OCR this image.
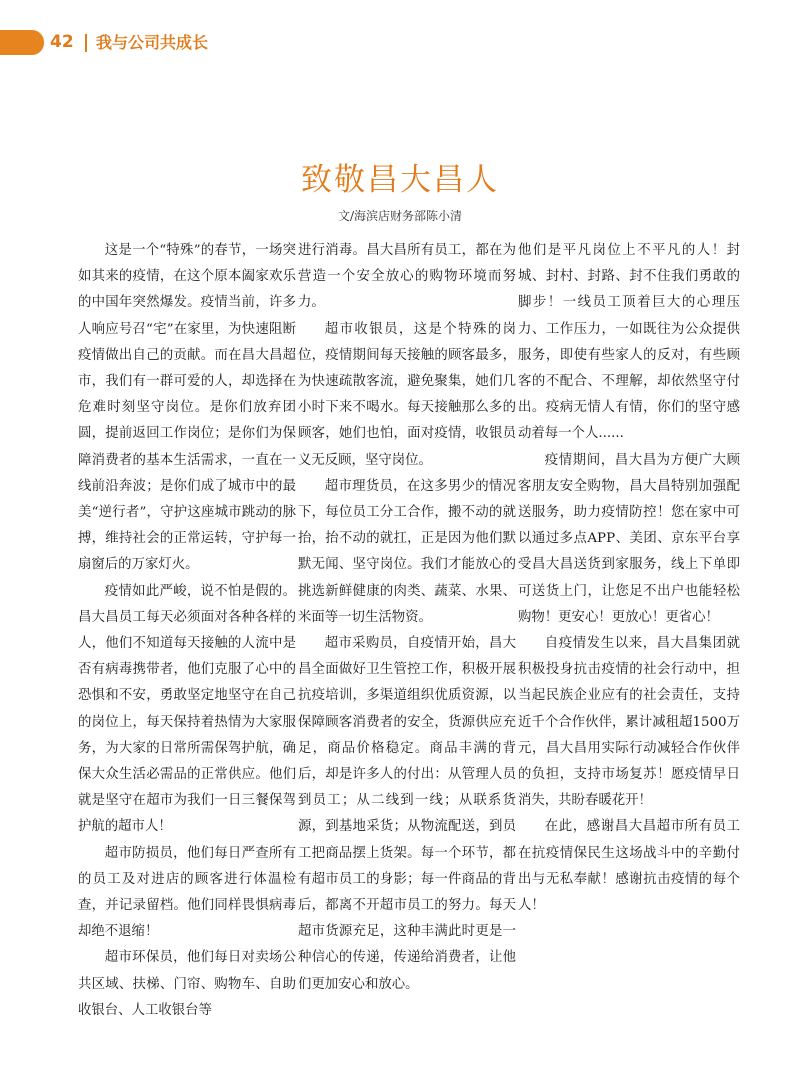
42 我与公司共成长
致敬昌大昌人
文/海滨店财务部陈小清

这是一个“特殊”的春节，一场突如其来的疫情，在这个原本阖家欢乐的中国年突然爆发。疫情当前，许多人响应号召“宅”在家里，为快速阻断疫情做出自己的贡献。而在昌大昌超市，我们有一群可爱的人，却选择在危难时刻坚守岗位。是你们放弃团圆，提前返回工作岗位；是你们为保障消费者的基本生活需求，一直在一线前沿奔波；是你们成了城市中的最美“逆行者”，守护这座城市跳动的脉搏，维持社会的正常运转，守护每一扇窗后的万家灯火。

疫情如此严峻，说不怕是假的。昌大昌员工每天必须面对各种各样的人，他们不知道每天接触的人流中是否有病毒携带者，他们克服了心中的恐惧和不安，勇敢坚定地坚守在自己的岗位上，每天保持着热情为大家服务，为大家的日常所需保驾护航，确保大众生活必需品的正常供应。他们就是坚守在超市为我们一日三餐保驾护航的超市人！

超市防损员，他们每日严查所有的员工及对进店的顾客进行体温检查，并记录留档。他们同样畏惧病毒却绝不退缩！

超市环保员，他们每日对卖场公共区域、扶梯、门帘、购物车、自助收银台、人工收银台等

进行消毒。昌大昌所有员工，都在为营造一个安全放心的购物环境而努力。

超市收银员，这是个特殊的岗位，疫情期间每天接触的顾客最多，为快速疏散客流，避免聚集，她们几小时下来不喝水。每天接触那么多的顾客，她们也怕，面对疫情，收银员义无反顾，坚守岗位。

超市理货员，在这多男少的情况下，每位员工分工合作，搬不动的就抬，抬不动的就扛，正是因为他们默默无闻、坚守岗位。我们才能放心的挑选新鲜健康的肉类、蔬菜、水果、米面等一切生活物资。

超市采购员，自疫情开始，昌大昌全面做好卫生管控工作，积极开展抗疫培训，多渠道组织优质资源，以保障顾客消费者的安全，货源供应充足，商品价格稳定。商品丰满的背后，却是许多人的付出：从管理人员到员工；从二线到一线；从联系货源，到基地采货；从物流配送，到员工把商品摆上货架。每一个环节，都有超市员工的身影；每一件商品的背后，都离不开超市员工的努力。每天超市货源充足，这种丰满此时更是一种信心的传递，传递给消费者，让他们更加安心和放心。

他们是平凡岗位上不平凡的人！封城、封村、封路、封不住我们勇敢的脚步！一线员工顶着巨大的心理压力、工作压力，一如既往为公众提供服务，即使有些家人的反对，有些顾客的不配合、不理解，却依然坚守付出。疫病无情人有情，你们的坚守感动着每一个人......

疫情期间，昌大昌为方便广大顾客朋友安全购物，昌大昌特别加强配送服务，助力疫情防控！您在家中可以通过多点APP、美团、京东平台享受昌大昌送货到家服务，线上下单即可送货上门，让您足不出户也能轻松购物！更安心！更放心！更省心！

自疫情发生以来，昌大昌集团就积极投身抗击疫情的社会行动中，担当起民族企业应有的社会责任，支持近千个合作伙伴，累计减租超1500万元，昌大昌用实际行动减轻合作伙伴的负担，支持市场复苏！愿疫情早日消失，共盼春暖花开！

在此，感谢昌大昌超市所有员工在抗疫情保民生这场战斗中的辛勤付出与无私奉献！感谢抗击疫情的每个人！
